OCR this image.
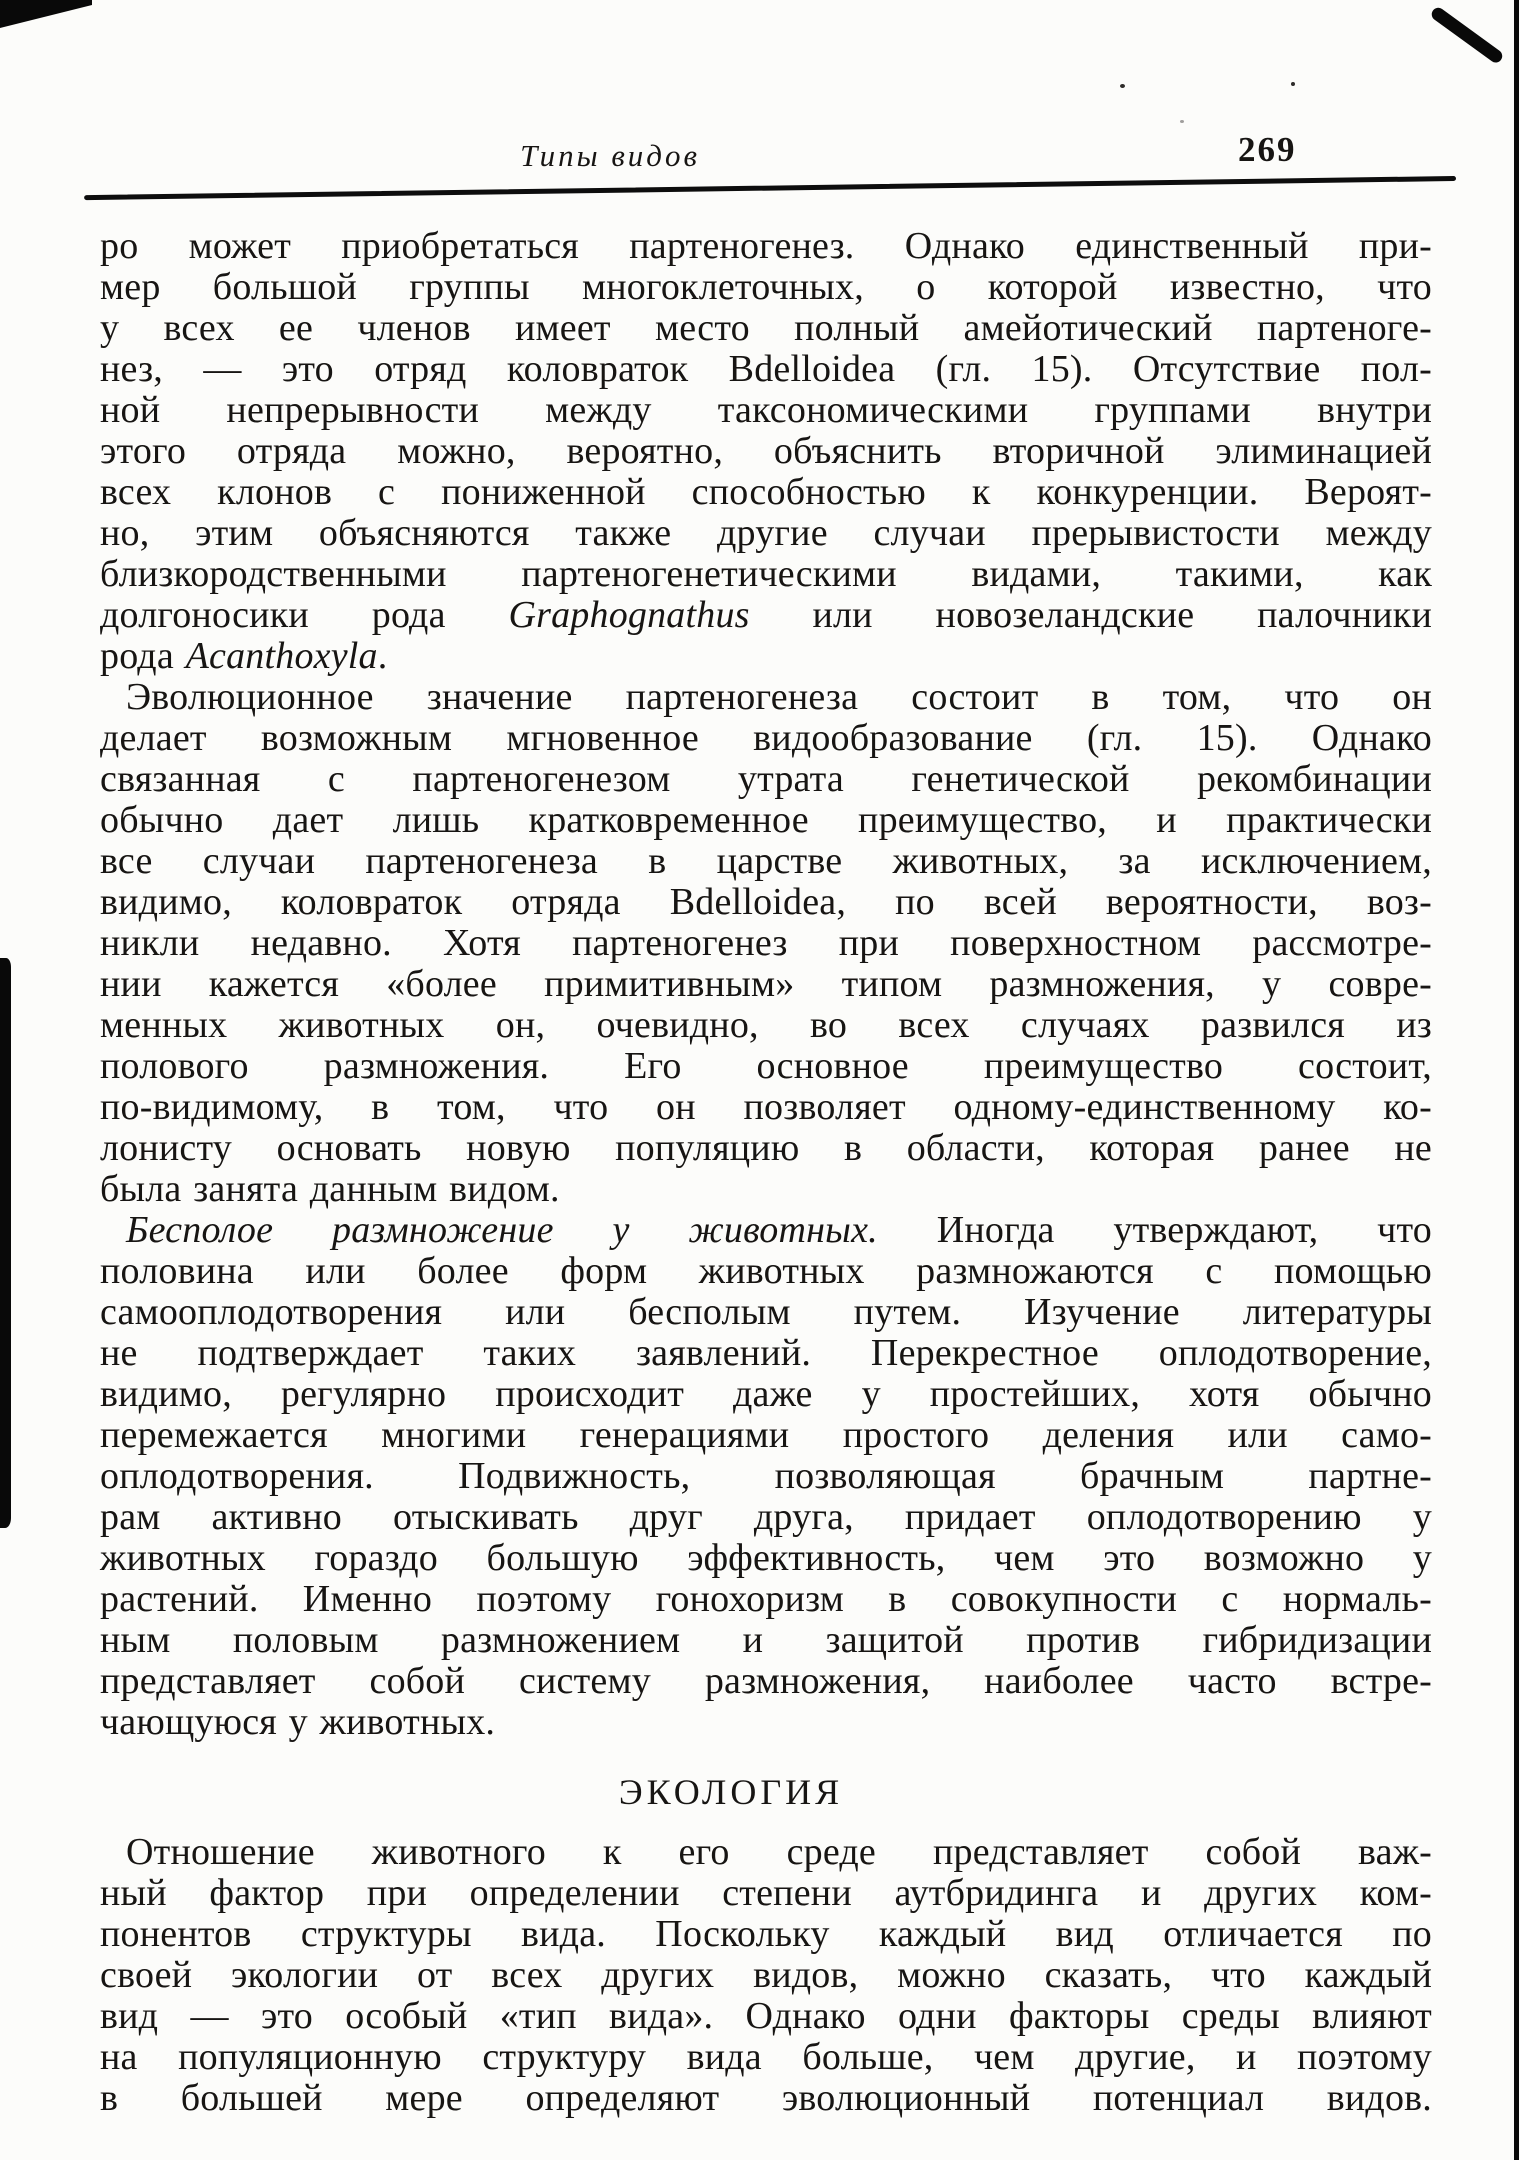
Типы видов	269
ро может приобретаться партеногенез. Однако единственный при-
мер большой группы многоклеточных, о которой известно, что
у всех ее членов имеет место полный амейотический партеноге-
нез, — это отряд коловраток Bdelloidea (гл. 15). Отсутствие пол-
ной непрерывности между таксономическими группами внутри
этого отряда можно, вероятно, объяснить вторичной элиминацией
всех клонов с пониженной способностью к конкуренции. Вероят-
но, этим объясняются также другие случаи прерывистости между
близкородственными партеногенетическими видами, такими, как
долгоносики рода Graphognathus или новозеландские палочники
рода Acanthoxyla.
Эволюционное значение партеногенеза состоит в том, что он
делает возможным мгновенное видообразование (гл. 15). Однако
связанная с партеногенезом утрата генетической рекомбинации
обычно дает лишь кратковременное преимущество, и практически
все случаи партеногенеза в царстве животных, за исключением,
видимо, коловраток отряда Bdelloidea, по всей вероятности, воз-
никли недавно. Хотя партеногенез при поверхностном рассмотре-
нии кажется «более примитивным» типом размножения, у совре-
менных животных он, очевидно, во всех случаях развился из
полового размножения. Его основное преимущество состоит,
по-видимому, в том, что он позволяет одному-единственному ко-
лонисту основать новую популяцию в области, которая ранее не
была занята данным видом.
Бесполое размножение у животных. Иногда утверждают, что
половина или более форм животных размножаются с помощью
самооплодотворения или бесполым путем. Изучение литературы
не подтверждает таких заявлений. Перекрестное оплодотворение,
видимо, регулярно происходит даже у простейших, хотя обычно
перемежается многими генерациями простого деления или само-
оплодотворения. Подвижность, позволяющая брачным партне-
рам активно отыскивать друг друга, придает оплодотворению у
животных гораздо большую эффективность, чем это возможно у
растений. Именно поэтому гонохоризм в совокупности с нормаль-
ным половым размножением и защитой против гибридизации
представляет собой систему размножения, наиболее часто встре-
чающуюся у животных.
ЭКОЛОГИЯ
Отношение животного к его среде представляет собой важ-
ный фактор при определении степени аутбридинга и других ком-
понентов структуры вида. Поскольку каждый вид отличается по
своей экологии от всех других видов, можно сказать, что каждый
вид — это особый «тип вида». Однако одни факторы среды влияют
на популяционную структуру вида больше, чем другие, и поэтому
в большей мере определяют эволюционный потенциал видов.
